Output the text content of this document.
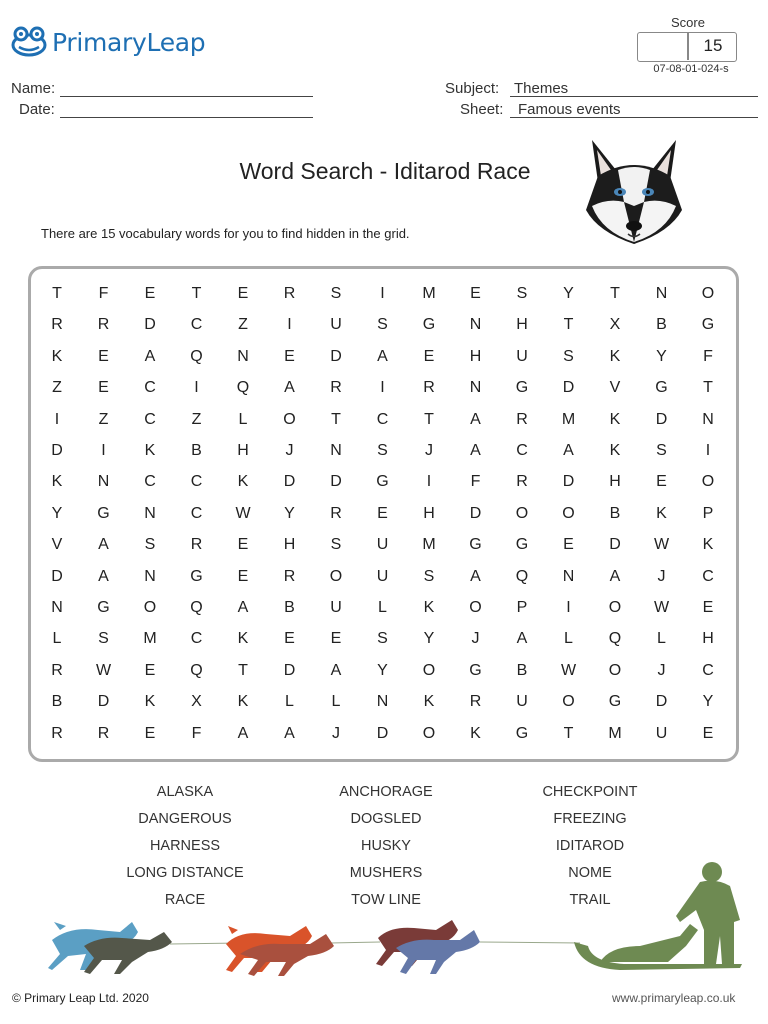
PrimaryLeap
Score
15
07-08-01-024-s
Name:
Date:
Subject: Themes
Sheet: Famous events
Word Search - Iditarod Race
There are 15 vocabulary words for you to find hidden in the grid.
T	F	E	T	E	R	S	I	M	E	S	Y	T	N	O
R	R	D	C	Z	I	U	S	G	N	H	T	X	B	G
K	E	A	Q	N	E	D	A	E	H	U	S	K	Y	F
Z	E	C	I	Q	A	R	I	R	N	G	D	V	G	T
I	Z	C	Z	L	O	T	C	T	A	R	M	K	D	N
D	I	K	B	H	J	N	S	J	A	C	A	K	S	I
K	N	C	C	K	D	D	G	I	F	R	D	H	E	O
Y	G	N	C	W	Y	R	E	H	D	O	O	B	K	P
V	A	S	R	E	H	S	U	M	G	G	E	D	W	K
D	A	N	G	E	R	O	U	S	A	Q	N	A	J	C
N	G	O	Q	A	B	U	L	K	O	P	I	O	W	E
L	S	M	C	K	E	E	S	Y	J	A	L	Q	L	H
R	W	E	Q	T	D	A	Y	O	G	B	W	O	J	C
B	D	K	X	K	L	L	N	K	R	U	O	G	D	Y
R	R	E	F	A	A	J	D	O	K	G	T	M	U	E
ALASKA	ANCHORAGE	CHECKPOINT
DANGEROUS	DOGSLED	FREEZING
HARNESS	HUSKY	IDITAROD
LONG DISTANCE	MUSHERS	NOME
RACE	TOW LINE	TRAIL
© Primary Leap Ltd. 2020	www.primaryleap.co.uk
